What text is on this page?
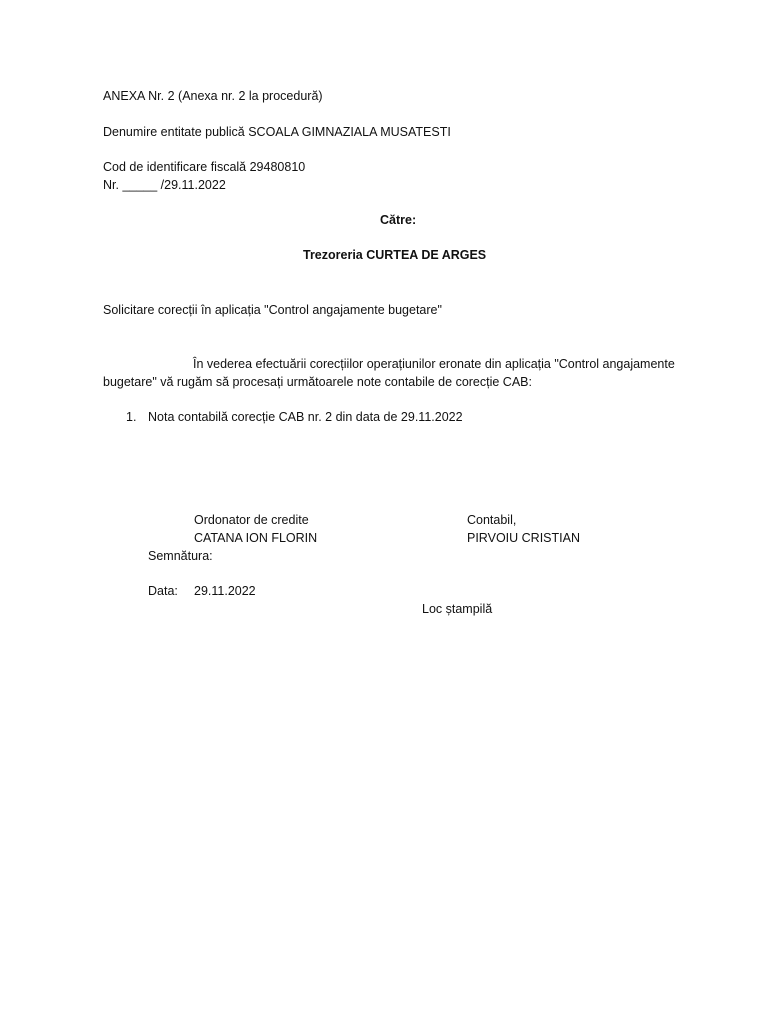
ANEXA Nr. 2 (Anexa nr. 2 la procedură)
Denumire entitate publică SCOALA GIMNAZIALA MUSATESTI
Cod de identificare fiscală 29480810
Nr. _____ /29.11.2022
Către:
Trezoreria CURTEA DE ARGES
Solicitare corecții în aplicația "Control angajamente bugetare"
În vederea efectuării corecțiilor operațiunilor eronate din aplicația "Control angajamente bugetare" vă rugăm să procesați următoarele note contabile de corecție CAB:
1. Nota contabilă corecție CAB nr. 2 din data de 29.11.2022
Ordonator de credite
CATANA ION FLORIN
Contabil,
PIRVOIU CRISTIAN
Semnătura:
Data: 29.11.2022
Loc ștampilă
